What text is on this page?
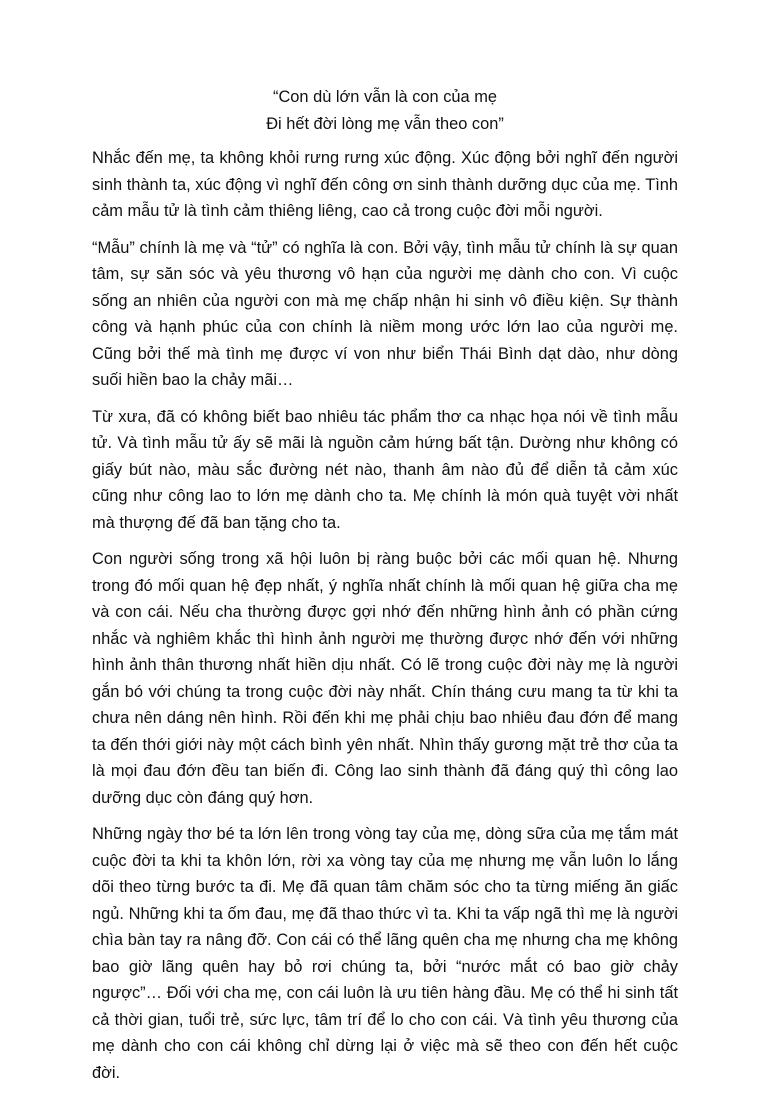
“Con dù lớn vẫn là con của mẹ

Đi hết đời lòng mẹ vẫn theo con”

Nhắc đến mẹ, ta không khỏi rưng rưng xúc động. Xúc động bởi nghĩ đến người sinh thành ta, xúc động vì nghĩ đến công ơn sinh thành dưỡng dục của mẹ. Tình cảm mẫu tử là tình cảm thiêng liêng, cao cả trong cuộc đời mỗi người.

“Mẫu” chính là mẹ và “tử” có nghĩa là con. Bởi vậy, tình mẫu tử chính là sự quan tâm, sự săn sóc và yêu thương vô hạn của người mẹ dành cho con. Vì cuộc sống an nhiên của người con mà mẹ chấp nhận hi sinh vô điều kiện. Sự thành công và hạnh phúc của con chính là niềm mong ước lớn lao của người mẹ. Cũng bởi thế mà tình mẹ được ví von như biển Thái Bình dạt dào, như dòng suối hiền bao la chảy mãi…

Từ xưa, đã có không biết bao nhiêu tác phẩm thơ ca nhạc họa nói về tình mẫu tử. Và tình mẫu tử ấy sẽ mãi là nguồn cảm hứng bất tận. Dường như không có giấy bút nào, màu sắc đường nét nào, thanh âm nào đủ để diễn tả cảm xúc cũng như công lao to lớn mẹ dành cho ta. Mẹ chính là món quà tuyệt vời nhất mà thượng đế đã ban tặng cho ta.

Con người sống trong xã hội luôn bị ràng buộc bởi các mối quan hệ. Nhưng trong đó mối quan hệ đẹp nhất, ý nghĩa nhất chính là mối quan hệ giữa cha mẹ và con cái. Nếu cha thường được gợi nhớ đến những hình ảnh có phần cứng nhắc và nghiêm khắc thì hình ảnh người mẹ thường được nhớ đến với những hình ảnh thân thương nhất hiền dịu nhất. Có lẽ trong cuộc đời này mẹ là người gắn bó với chúng ta trong cuộc đời này nhất. Chín tháng cưu mang ta từ khi ta chưa nên dáng nên hình. Rồi đến khi mẹ phải chịu bao nhiêu đau đớn để mang ta đến thới giới này một cách bình yên nhất. Nhìn thấy gương mặt trẻ thơ của ta là mọi đau đớn đều tan biến đi. Công lao sinh thành đã đáng quý thì công lao dưỡng dục còn đáng quý hơn.

Những ngày thơ bé ta lớn lên trong vòng tay của mẹ, dòng sữa của mẹ tắm mát cuộc đời ta khi ta khôn lớn, rời xa vòng tay của mẹ nhưng mẹ vẫn luôn lo lắng dõi theo từng bước ta đi. Mẹ đã quan tâm chăm sóc cho ta từng miếng ăn giấc ngủ. Những khi ta ốm đau, mẹ đã thao thức vì ta. Khi ta vấp ngã thì mẹ là người chìa bàn tay ra nâng đỡ. Con cái có thể lãng quên cha mẹ nhưng cha mẹ không bao giờ lãng quên hay bỏ rơi chúng ta, bởi “nước mắt có bao giờ chảy ngược”… Đối với cha mẹ, con cái luôn là ưu tiên hàng đầu. Mẹ có thể hi sinh tất cả thời gian, tuổi trẻ, sức lực, tâm trí để lo cho con cái. Và tình yêu thương của mẹ dành cho con cái không chỉ dừng lại ở việc mà sẽ theo con đến hết cuộc đời.
